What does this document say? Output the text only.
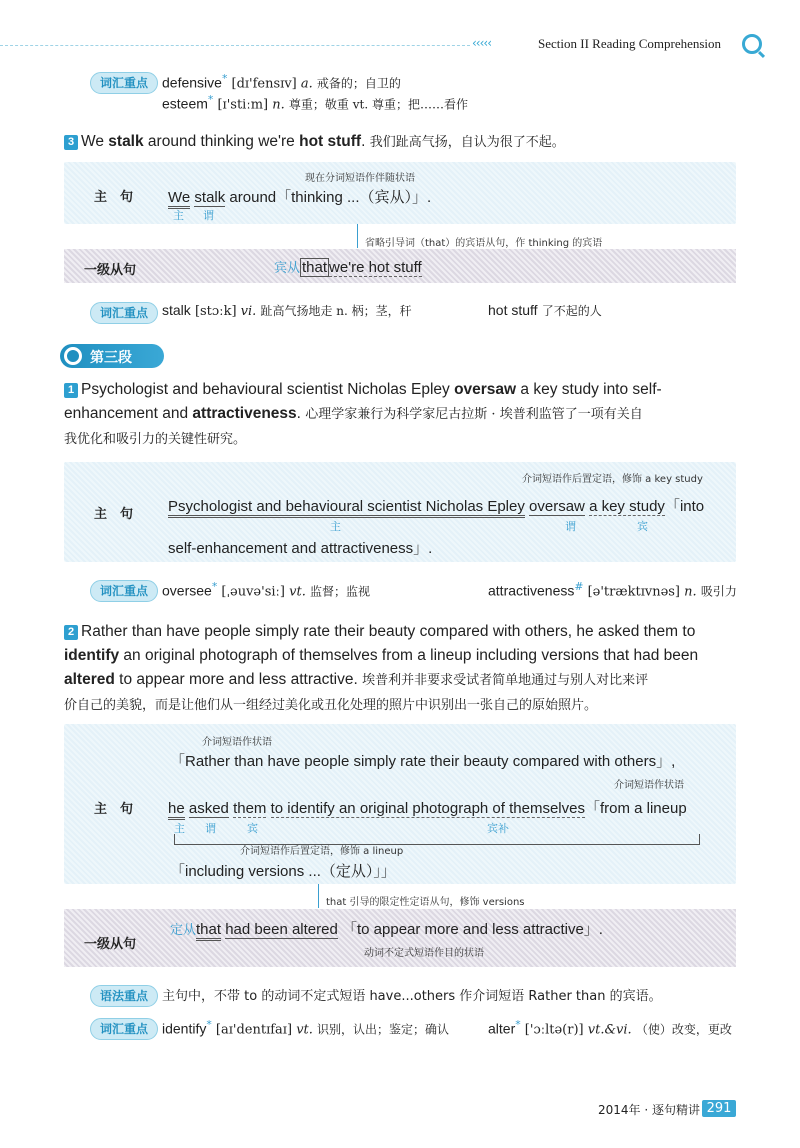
‹‹‹‹‹	Section II Reading Comprehension
词汇重点 defensive* [dɪ'fensɪv] a. 戒备的；自卫的
esteem* [ɪ'stiːm] n. 尊重；敬重 vt. 尊重；把……看作
3 We stalk around thinking we're hot stuff. 我们趾高气扬，自认为很了不起。
主　句
现在分词短语作伴随状语
We stalk around「thinking ...（宾从）」.
主 谓
省略引导词（that）的宾语从句，作 thinking 的宾语
一级从句	宾从 that we're hot stuff
词汇重点 stalk [stɔːk] vi. 趾高气扬地走 n. 柄；茎，秆	hot stuff 了不起的人
第三段
1 Psychologist and behavioural scientist Nicholas Epley oversaw a key study into self-
enhancement and attractiveness. 心理学家兼行为科学家尼古拉斯 · 埃普利监管了一项有关自
我优化和吸引力的关键性研究。
主　句
介词短语作后置定语，修饰 a key study
Psychologist and behavioural scientist Nicholas Epley oversaw a key study「into
主	谓	宾
self-enhancement and attractiveness」.
词汇重点 oversee* [ˌəuvə'siː] vt. 监督；监视	attractiveness# [ə'træktɪvnəs] n. 吸引力
2 Rather than have people simply rate their beauty compared with others, he asked them to
identify an original photograph of themselves from a lineup including versions that had been
altered to appear more and less attractive. 埃普利并非要求受试者简单地通过与别人对比来评
价自己的美貌，而是让他们从一组经过美化或丑化处理的照片中识别出一张自己的原始照片。
主　句
介词短语作状语
「Rather than have people simply rate their beauty compared with others」,
介词短语作状语
he asked them to identify an original photograph of themselves「from a lineup
主 谓	宾	宾补
介词短语作后置定语，修饰 a lineup
「including versions ...（定从）」」
that 引导的限定性定语从句，修饰 versions
一级从句
定从that had been altered 「to appear more and less attractive」.
动词不定式短语作目的状语
语法重点	主句中，不带 to 的动词不定式短语 have...others 作介词短语 Rather than 的宾语。
词汇重点 identify* [aɪ'dentɪfaɪ] vt. 识别，认出；鉴定；确认	alter* ['ɔːltə(r)] vt.&vi. （使）改变，更改
2014年 · 逐句精讲 291
